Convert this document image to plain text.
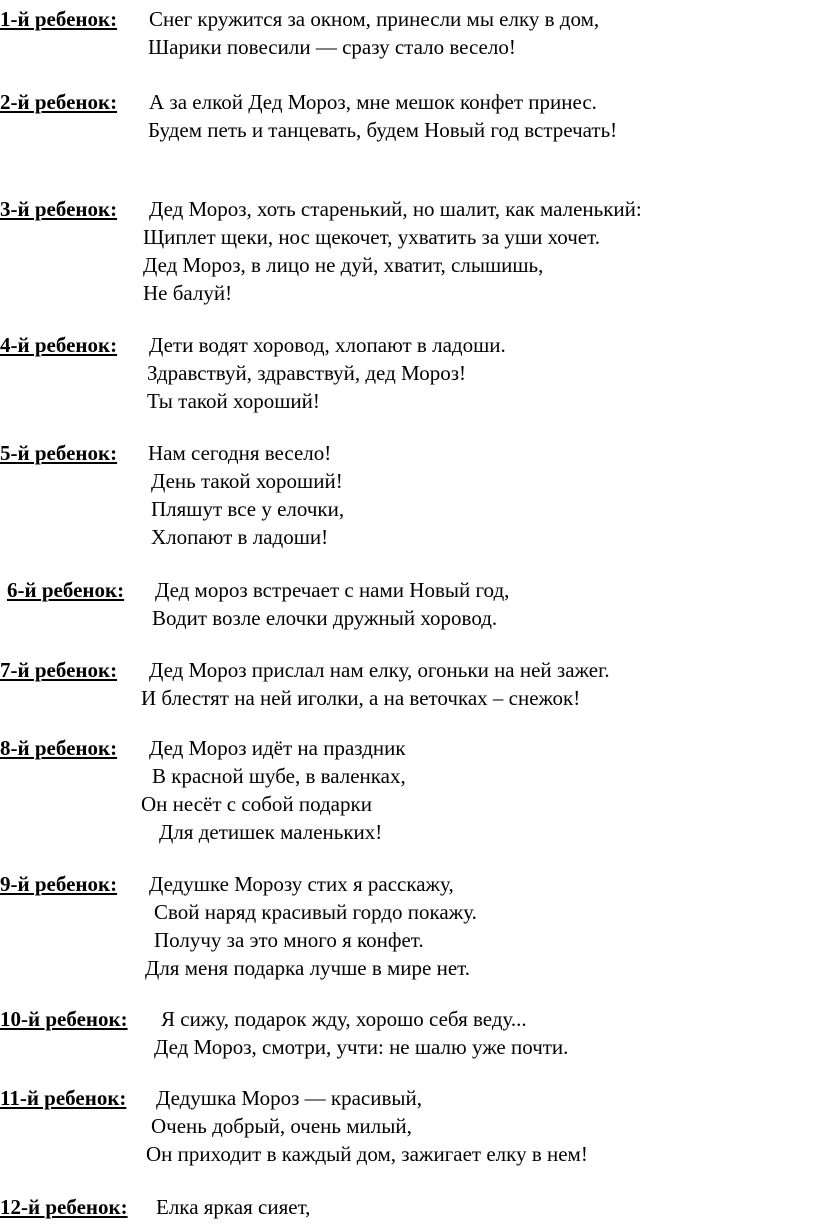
1-й ребенок: Снег кружится за окном, принесли мы елку в дом,
Шарики повесили — сразу стало весело!
2-й ребенок: А за елкой Дед Мороз, мне мешок конфет принес.
Будем петь и танцевать, будем Новый год встречать!
3-й ребенок: Дед Мороз, хоть старенький, но шалит, как маленький:
Щиплет щеки, нос щекочет, ухватить за уши хочет.
Дед Мороз, в лицо не дуй, хватит, слышишь,
Не балуй!
4-й ребенок: Дети водят хоровод, хлопают в ладоши.
Здравствуй, здравствуй, дед Мороз!
Ты такой хороший!
5-й ребенок: Нам сегодня весело!
День такой хороший!
Пляшут все у елочки,
Хлопают в ладоши!
6-й ребенок: Дед мороз встречает с нами Новый год,
Водит возле елочки дружный хоровод.
7-й ребенок: Дед Мороз прислал нам елку, огоньки на ней зажег.
И блестят на ней иголки, а на веточках – снежок!
8-й ребенок: Дед Мороз идёт на праздник
В красной шубе, в валенках,
Он несёт с собой подарки
Для детишек маленьких!
9-й ребенок: Дедушке Морозу стих я расскажу,
Свой наряд красивый гордо покажу.
Получу за это много я конфет.
Для меня подарка лучше в мире нет.
10-й ребенок: Я сижу, подарок жду, хорошо себя веду...
Дед Мороз, смотри, учти: не шалю уже почти.
11-й ребенок: Дедушка Мороз — красивый,
Очень добрый, очень милый,
Он приходит в каждый дом, зажигает елку в нем!
12-й ребенок: Елка яркая сияет,
